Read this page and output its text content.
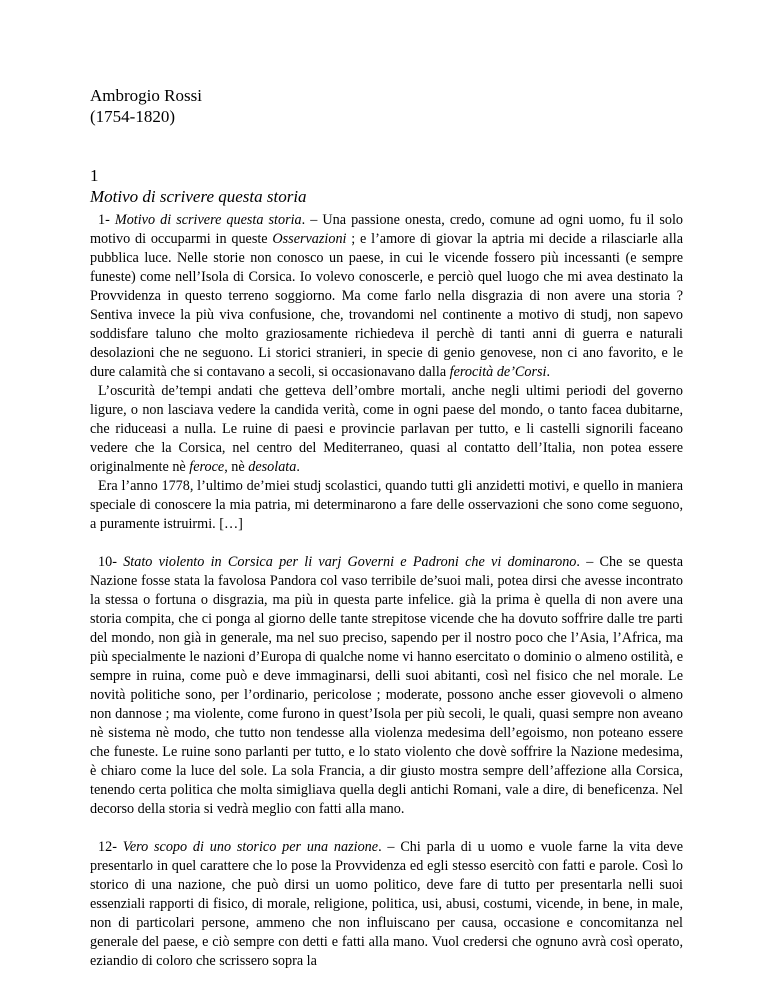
Ambrogio Rossi
(1754-1820)
1
Motivo di scrivere questa storia

1- Motivo di scrivere questa storia. – Una passione onesta, credo, comune ad ogni uomo, fu il solo motivo di occuparmi in queste Osservazioni ; e l’amore di giovar la aptria mi decide a rilasciarle alla pubblica luce. Nelle storie non conosco un paese, in cui le vicende fossero più incessanti (e sempre funeste) come nell’Isola di Corsica. Io volevo conoscerle, e perciò quel luogo che mi avea destinato la Provvidenza in questo terreno soggiorno. Ma come farlo nella disgrazia di non avere una storia ? Sentiva invece la più viva confusione, che, trovandomi nel continente a motivo di studj, non sapevo soddisfare taluno che molto graziosamente richiedeva il perchè di tanti anni di guerra e naturali desolazioni che ne seguono. Li storici stranieri, in specie di genio genovese, non ci ano favorito, e le dure calamità che si contavano a secoli, si occasionavano dalla ferocità de’Corsi.

L’oscurità de’tempi andati che getteva dell’ombre mortali, anche negli ultimi periodi del governo ligure, o non lasciava vedere la candida verità, come in ogni paese del mondo, o tanto facea dubitarne, che riduceasi a nulla. Le ruine di paesi e provincie parlavan per tutto, e li castelli signorili faceano vedere che la Corsica, nel centro del Mediterraneo, quasi al contatto dell’Italia, non potea essere originalmente nè feroce, nè desolata.

Era l’anno 1778, l’ultimo de’miei studj scolastici, quando tutti gli anzidetti motivi, e quello in maniera speciale di conoscere la mia patria, mi determinarono a fare delle osservazioni che sono come seguono, a puramente istruirmi. […]

10- Stato violento in Corsica per li varj Governi e Padroni che vi dominarono. – Che se questa Nazione fosse stata la favolosa Pandora col vaso terribile de’suoi mali, potea dirsi che avesse incontrato la stessa o fortuna o disgrazia, ma più in questa parte infelice. già la prima è quella di non avere una storia compita, che ci ponga al giorno delle tante strepitose vicende che ha dovuto soffrire dalle tre parti del mondo, non già in generale, ma nel suo preciso, sapendo per il nostro poco che l’Asia, l’Africa, ma più specialmente le nazioni d’Europa di qualche nome vi hanno esercitato o dominio o almeno ostilità, e sempre in ruina, come può e deve immaginarsi, delli suoi abitanti, così nel fisico che nel morale. Le novità politiche sono, per l’ordinario, pericolose ; moderate, possono anche esser giovevoli o almeno non dannose ; ma violente, come furono in quest’Isola per più secoli, le quali, quasi sempre non aveano nè sistema nè modo, che tutto non tendesse alla violenza medesima dell’egoismo, non poteano essere che funeste. Le ruine sono parlanti per tutto, e lo stato violento che dovè soffrire la Nazione medesima, è chiaro come la luce del sole. La sola Francia, a dir giusto mostra sempre dell’affezione alla Corsica, tenendo certa politica che molta simigliava quella degli antichi Romani, vale a dire, di beneficenza. Nel decorso della storia si vedrà meglio con fatti alla mano.

12- Vero scopo di uno storico per una nazione. – Chi parla di u uomo e vuole farne la vita deve presentarlo in quel carattere che lo pose la Provvidenza ed egli stesso esercitò con fatti e parole. Così lo storico di una nazione, che può dirsi un uomo politico, deve fare di tutto per presentarla nelli suoi essenziali rapporti di fisico, di morale, religione, politica, usi, abusi, costumi, vicende, in bene, in male, non di particolari persone, ammeno che non influiscano per causa, occasione e concomitanza nel generale del paese, e ciò sempre con detti e fatti alla mano. Vuol credersi che ognuno avrà così operato, eziandio di coloro che scrissero sopra la
